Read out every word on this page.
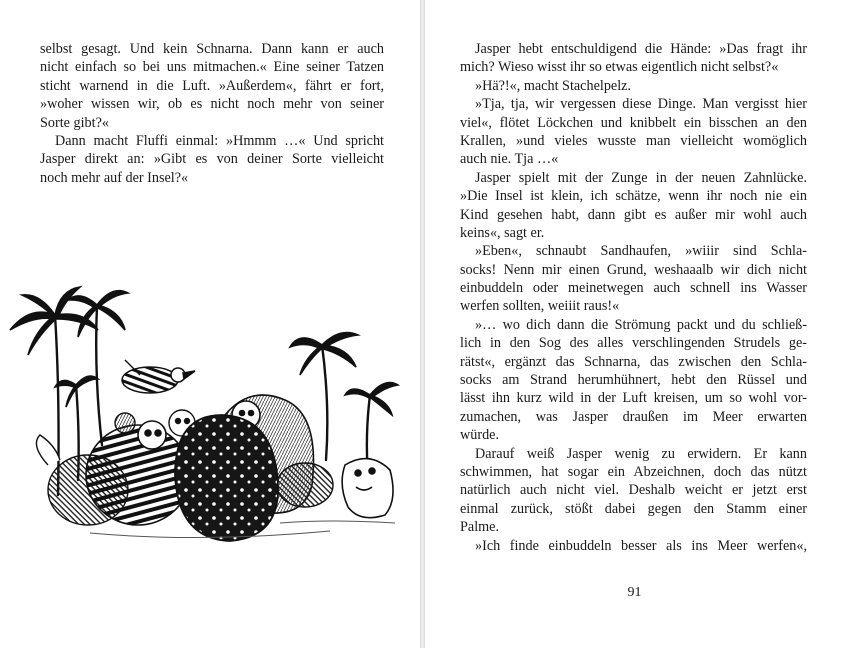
selbst gesagt. Und kein Schnarna. Dann kann er auch
nicht einfach so bei uns mitmachen.« Eine seiner Tatzen
sticht warnend in die Luft. »Außerdem«, fährt er fort,
»woher wissen wir, ob es nicht noch mehr von seiner
Sorte gibt?«
Dann macht Fluffi einmal: »Hmmm …« Und spricht
Jasper direkt an: »Gibt es von deiner Sorte vielleicht
noch mehr auf der Insel?«
Jasper hebt entschuldigend die Hände: »Das fragt ihr
mich? Wieso wisst ihr so etwas eigentlich nicht selbst?«
»Hä?!«, macht Stachelpelz.
»Tja, tja, wir vergessen diese Dinge. Man vergisst hier
viel«, flötet Löckchen und knibbelt ein bisschen an den
Krallen, »und vieles wusste man vielleicht womöglich
auch nie. Tja …«
Jasper spielt mit der Zunge in der neuen Zahnlücke.
»Die Insel ist klein, ich schätze, wenn ihr noch nie ein
Kind gesehen habt, dann gibt es außer mir wohl auch
keins«, sagt er.
»Eben«, schnaubt Sandhaufen, »wiiir sind Schla-
socks! Nenn mir einen Grund, weshaaalb wir dich nicht
einbuddeln oder meinetwegen auch schnell ins Wasser
werfen sollten, weiiit raus!«
»… wo dich dann die Strömung packt und du schließ-
lich in den Sog des alles verschlingenden Strudels ge-
rätst«, ergänzt das Schnarna, das zwischen den Schla-
socks am Strand herumhühnert, hebt den Rüssel und
lässt ihn kurz wild in der Luft kreisen, um so wohl vor-
zumachen, was Jasper draußen im Meer erwarten
würde.
Darauf weiß Jasper wenig zu erwidern. Er kann
schwimmen, hat sogar ein Abzeichnen, doch das nützt
natürlich auch nicht viel. Deshalb weicht er jetzt erst
einmal zurück, stößt dabei gegen den Stamm einer
Palme.
»Ich finde einbuddeln besser als ins Meer werfen«,
91
